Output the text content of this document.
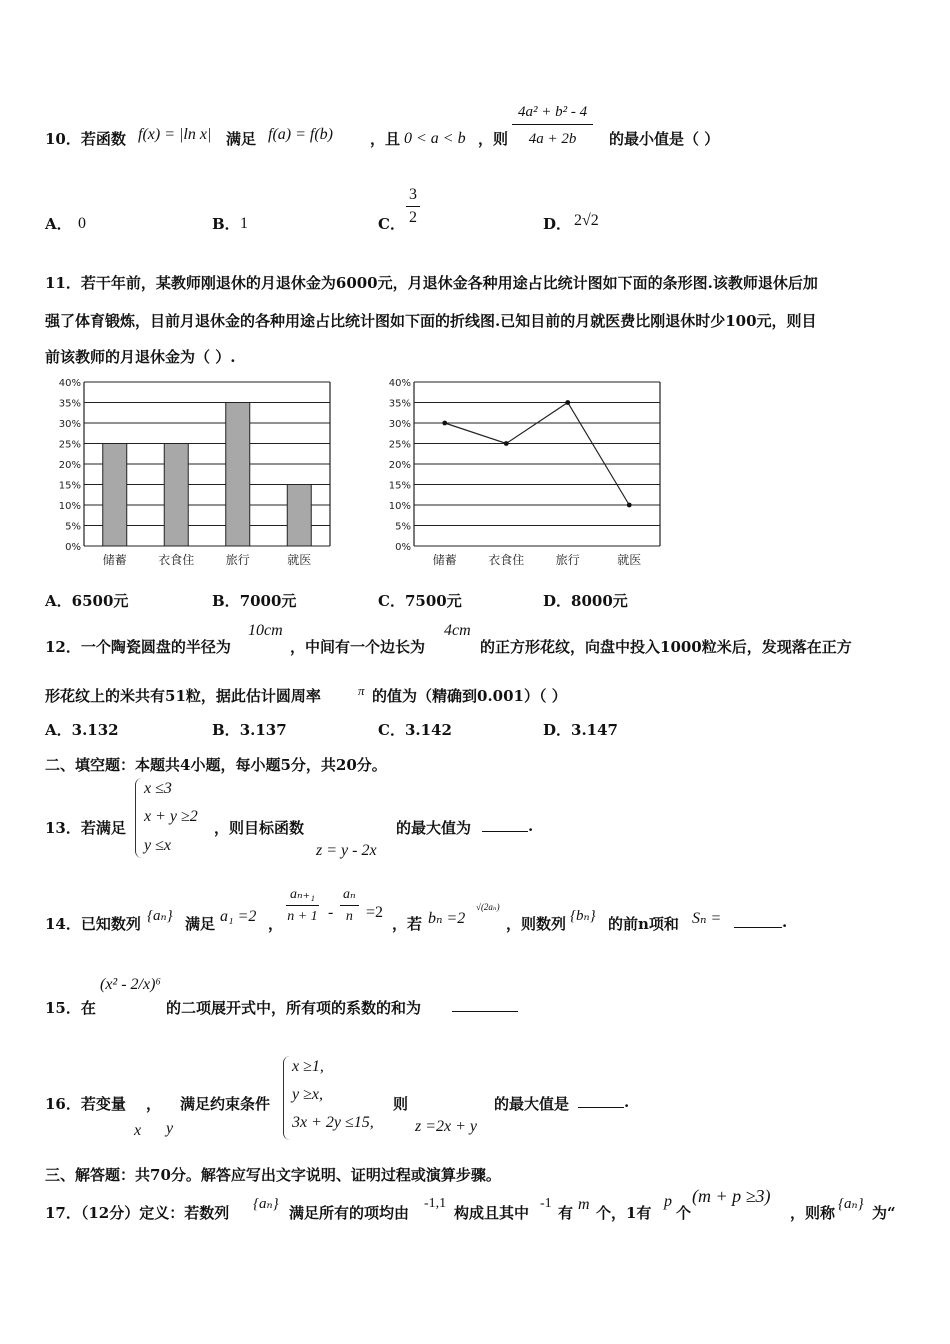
10．若函数 f(x) = |ln x| 满足 f(a) = f(b) ，且 0 < a < b ，则 $\frac{\text{4a² + b² - 4}}{4a + 2b}$ 的最小值是（ ）
A． 0	B． 1	C． $\frac{3}{2}$	D． 2√2
11．若干年前，某教师刚退休的月退休金为6000元，月退休金各种用途占比统计图如下面的条形图.该教师退休后加
强了体育锻炼，目前月退休金的各种用途占比统计图如下面的折线图.已知目前的月就医费比刚退休时少100元，则目
前该教师的月退休金为（ ）.
0%
5%
10%
15%
20%
25%
30%
35%
40%
储蓄	衣食住	旅行	就医
0%
5%
10%
15%
20%
25%
30%
35%
40%
储蓄	衣食住	旅行	就医
A．6500元	B．7000元	C．7500元	D．8000元
12．一个陶瓷圆盘的半径为
10cm
，中间有一个边长为
4cm
的正方形花纹，向盘中投入1000粒米后，发现落在正方
形花纹上的米共有51粒，据此估计圆周率	π 的值为（精确到0.001）（ ）
A．3.132	B．3.137	C．3.142	D．3.147
二、填空题：本题共4小题，每小题5分，共20分。
13．若满足
x ≤3
x + y ≥2
y ≤x
，则目标函数
z = y - 2x
的最大值为	.
14．已知数列 {aₙ} 满足 a₁ =2 ， $\frac{\text{aₙ₊₁}}{n + 1} - \frac{\text{aₙ}}{n} =2$
，若 bₙ =2
√(2aₙ)
，则数列 {bₙ} 的前n项和 Sₙ =	.
15．在
(x² - 2/x)⁶
的二项展开式中，所有项的系数的和为
16．若变量 ，
x y
满足约束条件
x ≥1,
y ≥x,
3x + 2y ≤15,
则
z =2x + y
的最大值是	.
三、解答题：共70分。解答应写出文字说明、证明过程或演算步骤。
17．（12分）定义：若数列 {aₙ} 满足所有的项均由
-1,1
构成且其中
-1
有 m 个，1有
p
个
(m + p ≥3)
，则称 {aₙ} 为“
